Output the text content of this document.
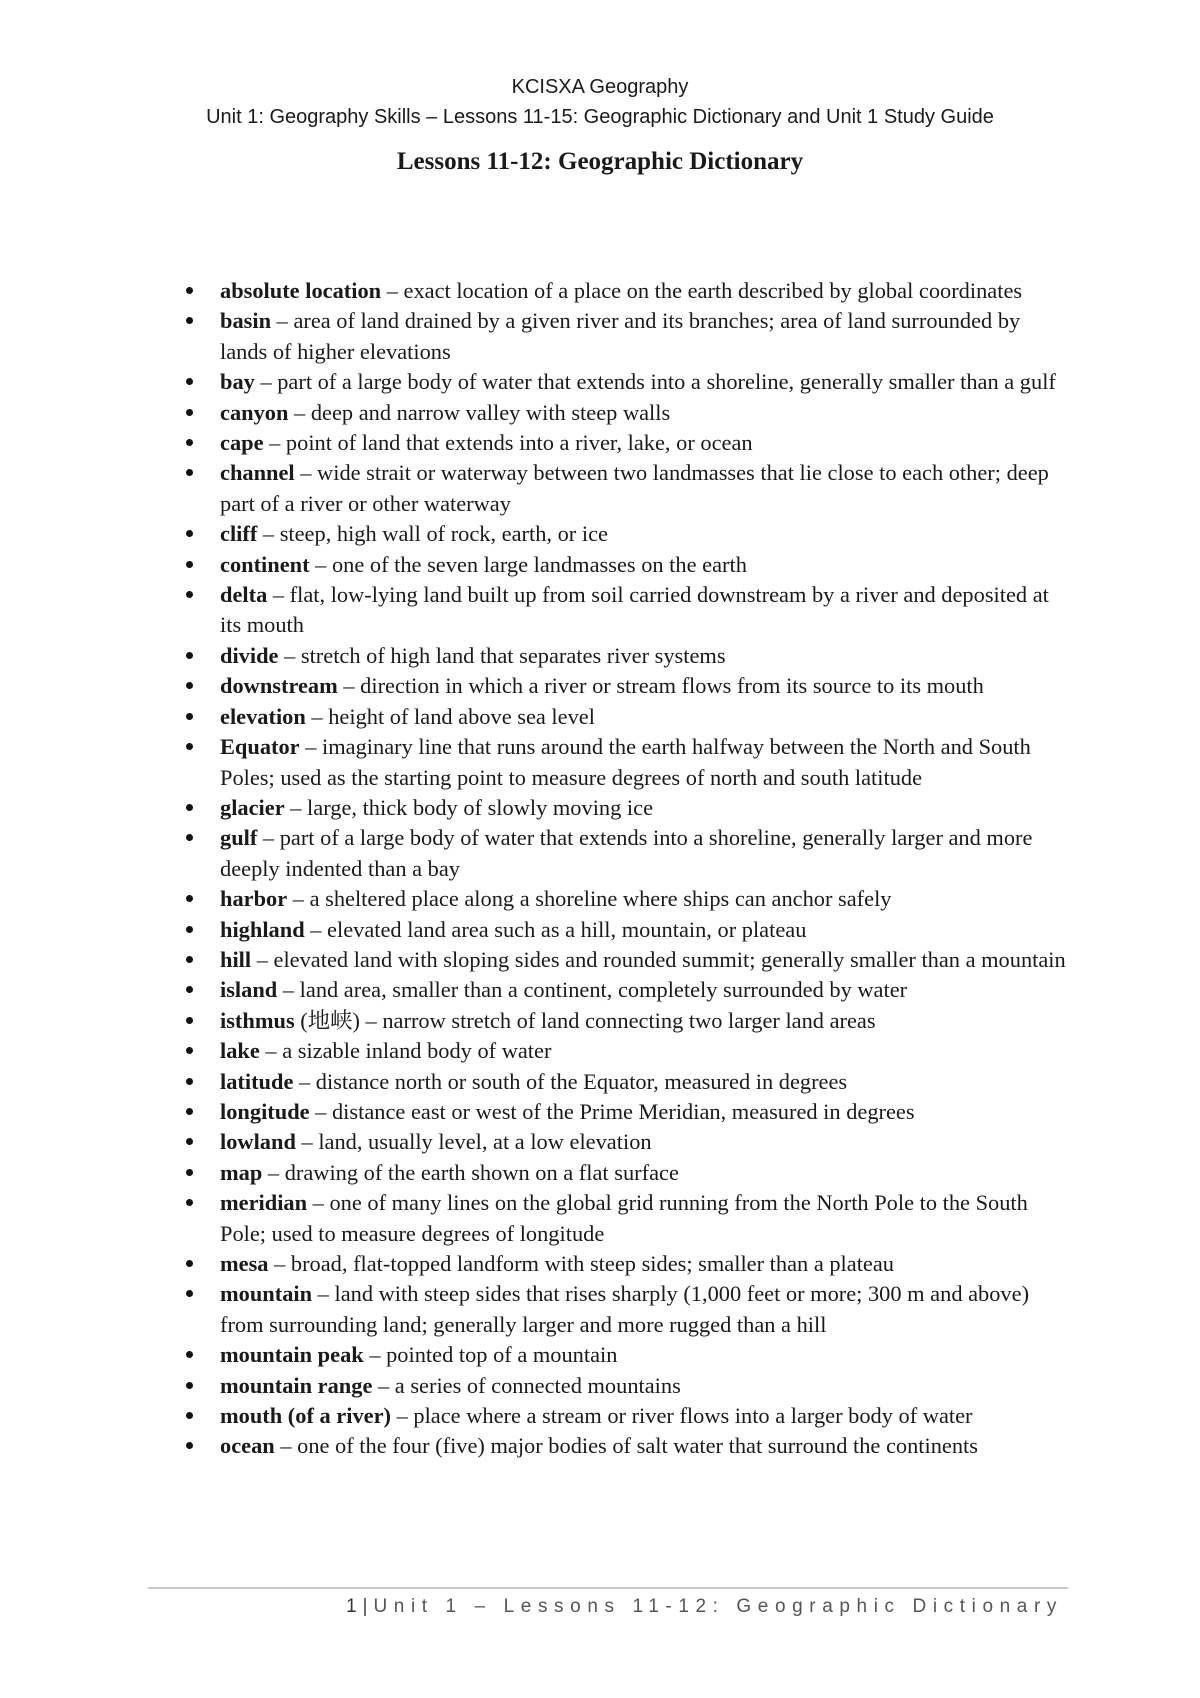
KCISXA Geography
Unit 1: Geography Skills – Lessons 11-15: Geographic Dictionary and Unit 1 Study Guide
Lessons 11-12: Geographic Dictionary
absolute location – exact location of a place on the earth described by global coordinates
basin – area of land drained by a given river and its branches; area of land surrounded by lands of higher elevations
bay – part of a large body of water that extends into a shoreline, generally smaller than a gulf
canyon – deep and narrow valley with steep walls
cape – point of land that extends into a river, lake, or ocean
channel – wide strait or waterway between two landmasses that lie close to each other; deep part of a river or other waterway
cliff – steep, high wall of rock, earth, or ice
continent – one of the seven large landmasses on the earth
delta – flat, low-lying land built up from soil carried downstream by a river and deposited at its mouth
divide – stretch of high land that separates river systems
downstream – direction in which a river or stream flows from its source to its mouth
elevation – height of land above sea level
Equator – imaginary line that runs around the earth halfway between the North and South Poles; used as the starting point to measure degrees of north and south latitude
glacier – large, thick body of slowly moving ice
gulf – part of a large body of water that extends into a shoreline, generally larger and more deeply indented than a bay
harbor – a sheltered place along a shoreline where ships can anchor safely
highland – elevated land area such as a hill, mountain, or plateau
hill – elevated land with sloping sides and rounded summit; generally smaller than a mountain
island – land area, smaller than a continent, completely surrounded by water
isthmus (地峡) – narrow stretch of land connecting two larger land areas
lake – a sizable inland body of water
latitude – distance north or south of the Equator, measured in degrees
longitude – distance east or west of the Prime Meridian, measured in degrees
lowland – land, usually level, at a low elevation
map – drawing of the earth shown on a flat surface
meridian – one of many lines on the global grid running from the North Pole to the South Pole; used to measure degrees of longitude
mesa – broad, flat-topped landform with steep sides; smaller than a plateau
mountain – land with steep sides that rises sharply (1,000 feet or more; 300 m and above) from surrounding land; generally larger and more rugged than a hill
mountain peak – pointed top of a mountain
mountain range – a series of connected mountains
mouth (of a river) – place where a stream or river flows into a larger body of water
ocean – one of the four (five) major bodies of salt water that surround the continents
1 | Unit 1 – Lessons 11-12: Geographic Dictionary
